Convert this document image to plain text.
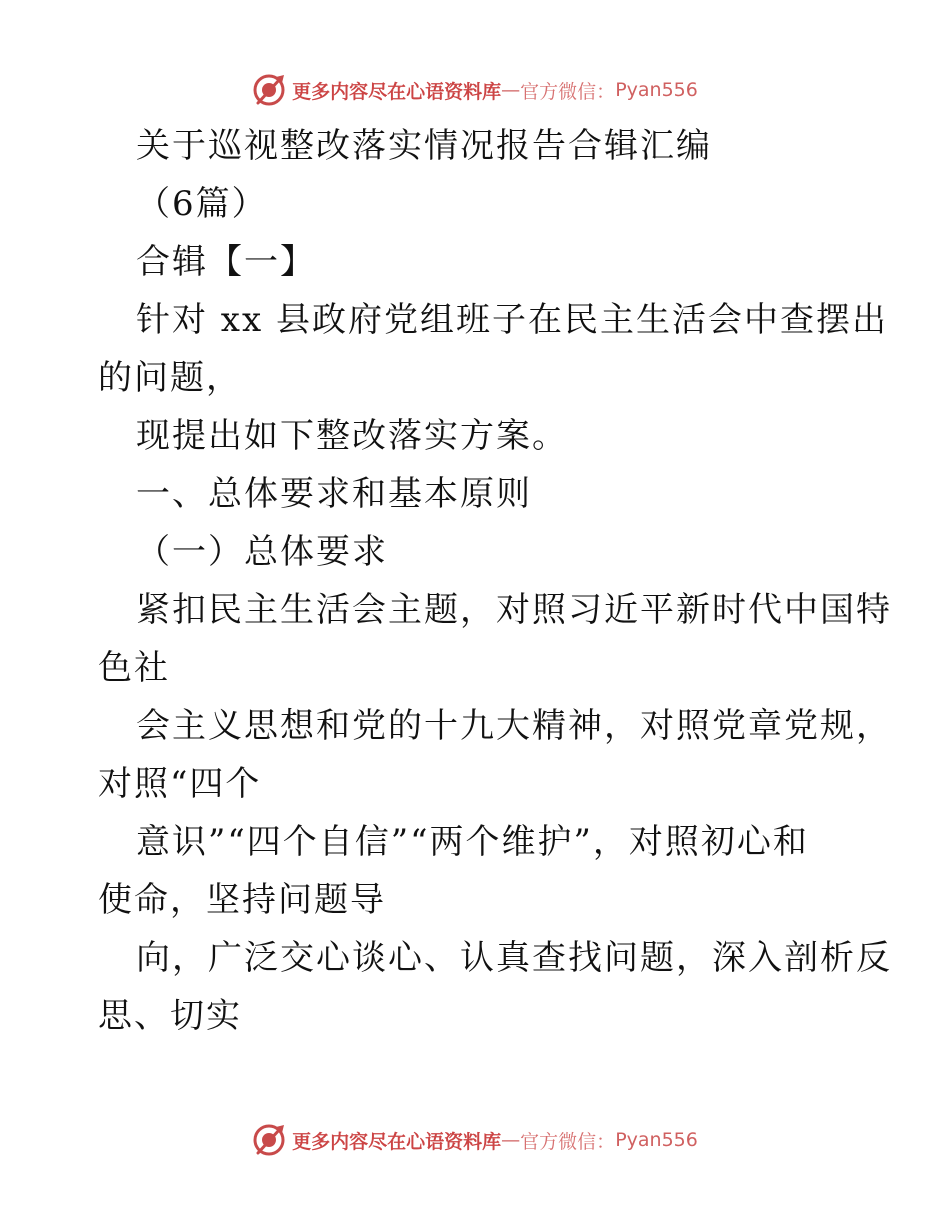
更多内容尽在心语资料库 — 官方微信： Pyan556
关于巡视整改落实情况报告合辑汇编
（6篇）
合辑【一】
针对 xx 县政府党组班子在民主生活会中查摆出
的问题，
现提出如下整改落实方案。
一、总体要求和基本原则
（一）总体要求
紧扣民主生活会主题，对照习近平新时代中国特
色社
会主义思想和党的十九大精神，对照党章党规，
对照“四个
意识”“四个自信”“两个维护”，对照初心和
使命，坚持问题导
向，广泛交心谈心、认真查找问题，深入剖析反
思、切实
更多内容尽在心语资料库 — 官方微信： Pyan556
